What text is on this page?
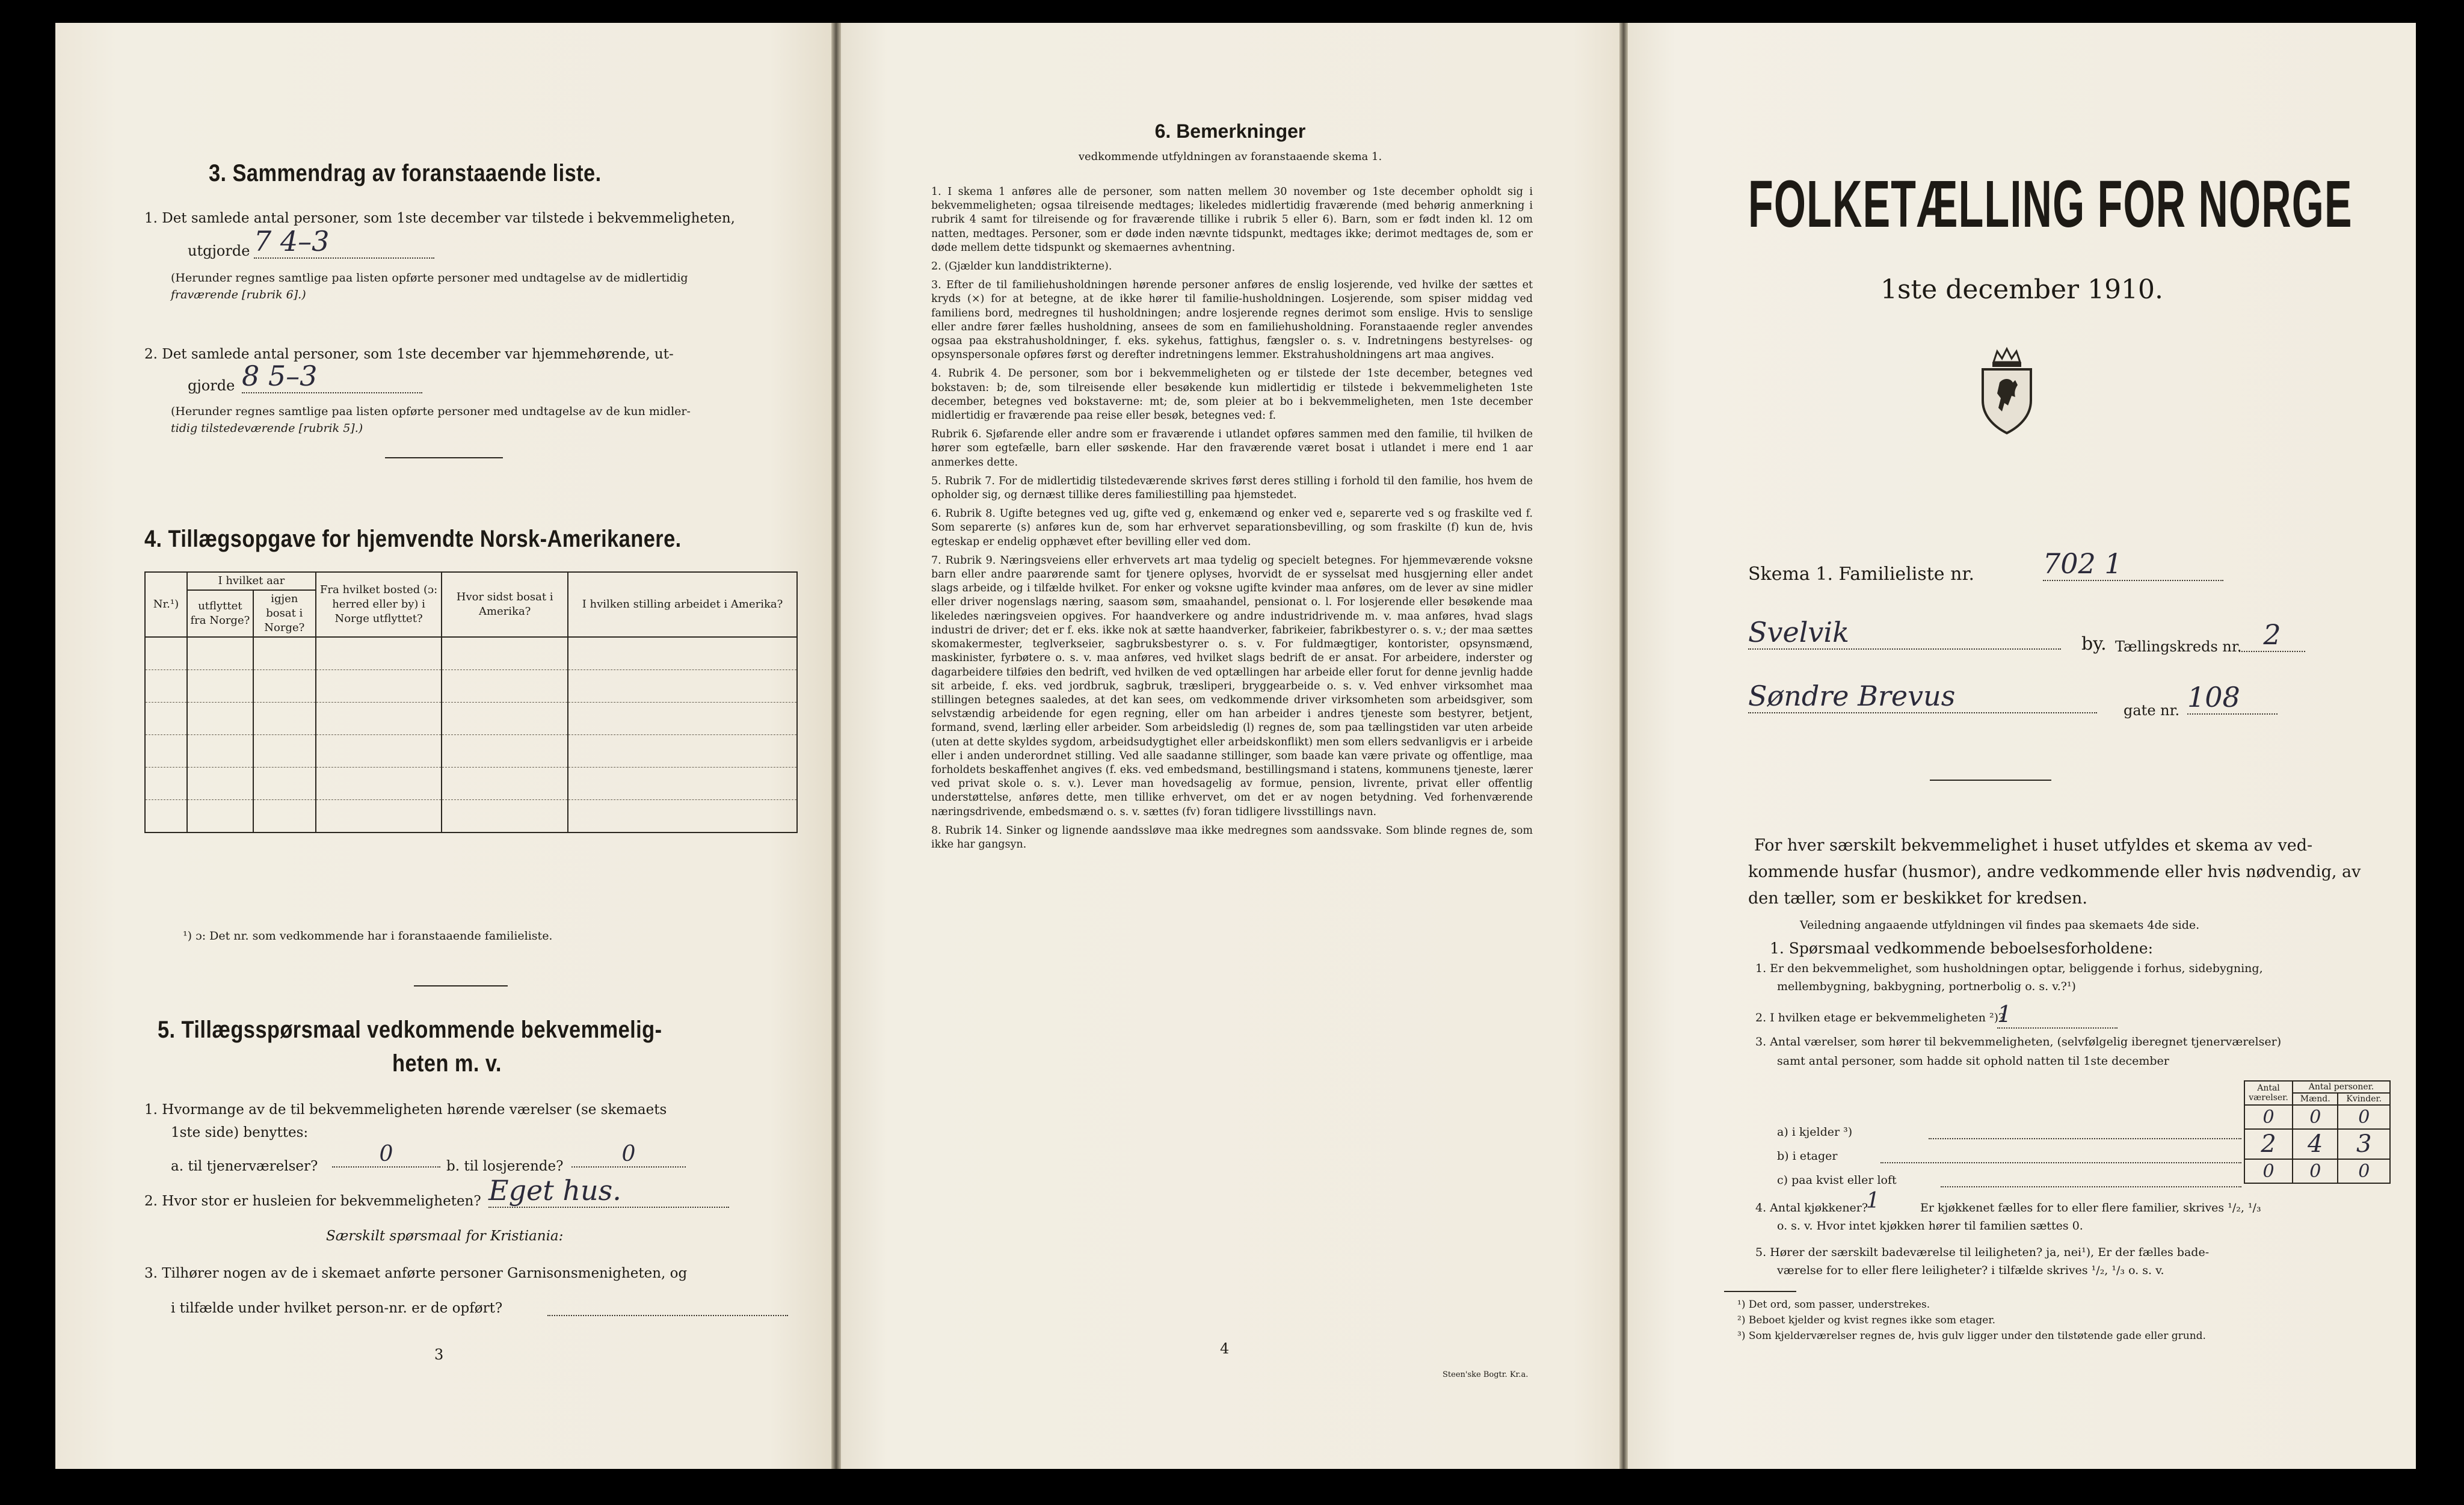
3. Sammendrag av foranstaaende liste.
1. Det samlede antal personer, som 1ste december var tilstede i bekvemmeligheten,
utgjorde 7 4–3
(Herunder regnes samtlige paa listen opførte personer med undtagelse av de midlertidig
fraværende [rubrik 6].)
2. Det samlede antal personer, som 1ste december var hjemmehørende, ut-
gjorde 8 5–3
(Herunder regnes samtlige paa listen opførte personer med undtagelse av de kun midler-
tidig tilstedeværende [rubrik 5].)
4. Tillægsopgave for hjemvendte Norsk-Amerikanere.
Nr.¹)	I hvilket aar		Fra hvilket bosted (ɔ: herred eller by) i Norge utflyttet?	Hvor sidst bosat i Amerika?	I hvilken stilling arbeidet i Amerika?
	utflyttet fra Norge?	igjen bosat i Norge?			

¹) ɔ: Det nr. som vedkommende har i foranstaaende familieliste.
5. Tillægsspørsmaal vedkommende bekvemmelig-
heten m. v.
1. Hvormange av de til bekvemmeligheten hørende værelser (se skemaets
1ste side) benyttes:
a. til tjenerværelser?	0	b. til losjerende?	0
2. Hvor stor er husleien for bekvemmeligheten? Eget hus.
Særskilt spørsmaal for Kristiania:
3. Tilhører nogen av de i skemaet anførte personer Garnisonsmenigheten, og
i tilfælde under hvilket person-nr. er de opført?
3
6. Bemerkninger
vedkommende utfyldningen av foranstaaende skema 1.

1. I skema 1 anføres alle de personer, som natten mellem 30 november og 1ste december opholdt sig i bekvemmeligheten; ogsaa tilreisende medtages; likeledes midlertidig fraværende (med behørig anmerkning i rubrik 4 samt for tilreisende og for fraværende tillike i rubrik 5 eller 6). Barn, som er født inden kl. 12 om natten, medtages. Personer, som er døde inden nævnte tidspunkt, medtages ikke; derimot medtages de, som er døde mellem dette tidspunkt og skemaernes avhentning.

2. (Gjælder kun landdistrikterne).

3. Efter de til familiehusholdningen hørende personer anføres de enslig losjerende, ved hvilke der sættes et kryds (×) for at betegne, at de ikke hører til familie-husholdningen. Losjerende, som spiser middag ved familiens bord, medregnes til husholdningen; andre losjerende regnes derimot som enslige. Hvis to senslige eller andre fører fælles husholdning, ansees de som en familiehusholdning. Foranstaaende regler anvendes ogsaa paa ekstrahusholdninger, f. eks. sykehus, fattighus, fængsler o. s. v. Indretningens bestyrelses- og opsynspersonale opføres først og derefter indretningens lemmer. Ekstrahusholdningens art maa angives.

4. Rubrik 4. De personer, som bor i bekvemmeligheten og er tilstede der 1ste december, betegnes ved bokstaven: b; de, som tilreisende eller besøkende kun midlertidig er tilstede i bekvemmeligheten 1ste december, betegnes ved bokstaverne: mt; de, som pleier at bo i bekvemmeligheten, men 1ste december midlertidig er fraværende paa reise eller besøk, betegnes ved: f.

Rubrik 6. Sjøfarende eller andre som er fraværende i utlandet opføres sammen med den familie, til hvilken de hører som egtefælle, barn eller søskende. Har den fraværende været bosat i utlandet i mere end 1 aar anmerkes dette.

5. Rubrik 7. For de midlertidig tilstedeværende skrives først deres stilling i forhold til den familie, hos hvem de opholder sig, og dernæst tillike deres familiestilling paa hjemstedet.

6. Rubrik 8. Ugifte betegnes ved ug, gifte ved g, enkemænd og enker ved e, separerte ved s og fraskilte ved f. Som separerte (s) anføres kun de, som har erhvervet separationsbevilling, og som fraskilte (f) kun de, hvis egteskap er endelig opphævet efter bevilling eller ved dom.

7. Rubrik 9. Næringsveiens eller erhvervets art maa tydelig og specielt betegnes. For hjemmeværende voksne barn eller andre paarørende samt for tjenere oplyses, hvorvidt de er sysselsat med husgjerning eller andet slags arbeide, og i tilfælde hvilket. For enker og voksne ugifte kvinder maa anføres, om de lever av sine midler eller driver nogenslags næring, saasom søm, smaahandel, pensionat o. l. For losjerende eller besøkende maa likeledes næringsveien opgives. For haandverkere og andre industridrivende m. v. maa anføres, hvad slags industri de driver; det er f. eks. ikke nok at sætte haandverker, fabrikeier, fabrikbestyrer o. s. v.; der maa sættes skomakermester, teglverkseier, sagbruksbestyrer o. s. v. For fuldmægtiger, kontorister, opsynsmænd, maskinister, fyrbøtere o. s. v. maa anføres, ved hvilket slags bedrift de er ansat. For arbeidere, inderster og dagarbeidere tilføies den bedrift, ved hvilken de ved optællingen har arbeide eller forut for denne jevnlig hadde sit arbeide, f. eks. ved jordbruk, sagbruk, træsliperi, bryggearbeide o. s. v. Ved enhver virksomhet maa stillingen betegnes saaledes, at det kan sees, om vedkommende driver virksomheten som arbeidsgiver, som selvstændig arbeidende for egen regning, eller om han arbeider i andres tjeneste som bestyrer, betjent, formand, svend, lærling eller arbeider. Som arbeidsledig (l) regnes de, som paa tællingstiden var uten arbeide (uten at dette skyldes sygdom, arbeidsudygtighet eller arbeidskonflikt) men som ellers sedvanligvis er i arbeide eller i anden underordnet stilling. Ved alle saadanne stillinger, som baade kan være private og offentlige, maa forholdets beskaffenhet angives (f. eks. ved embedsmand, bestillingsmand i statens, kommunens tjeneste, lærer ved privat skole o. s. v.). Lever man hovedsagelig av formue, pension, livrente, privat eller offentlig understøttelse, anføres dette, men tillike erhvervet, om det er av nogen betydning. Ved forhenværende næringsdrivende, embedsmænd o. s. v. sættes (fv) foran tidligere livsstillings navn.

8. Rubrik 14. Sinker og lignende aandssløve maa ikke medregnes som aandssvake. Som blinde regnes de, som ikke har gangsyn.

4
Steen'ske Bogtr. Kr.a.
FOLKETÆLLING FOR NORGE
1ste december 1910.
Skema 1. Familieliste nr. 702 1
Svelvik	by. Tællingskreds nr. 2
Søndre Brevus	gate nr. 108
For hver særskilt bekvemmelighet i huset utfyldes et skema av ved-
kommende husfar (husmor), andre vedkommende eller hvis nødvendig, av
den tæller, som er beskikket for kredsen.
Veiledning angaaende utfyldningen vil findes paa skemaets 4de side.
1. Spørsmaal vedkommende beboelsesforholdene:
1. Er den bekvemmelighet, som husholdningen optar, beliggende i forhus, sidebygning,
mellembygning, bakbygning, portnerbolig o. s. v.?¹)
2. I hvilken etage er bekvemmeligheten ²)?
1
3. Antal værelser, som hører til bekvemmeligheten, (selvfølgelig iberegnet tjenerværelser)
samt antal personer, som hadde sit ophold natten til 1ste december
a) i kjelder ³)
b) i etager
c) paa kvist eller loft
Antal værelser.	Antal personer.	
	Mænd.	Kvinder.
0	0	0
2	4	3
0	0	0
4. Antal kjøkkener?
1	Er kjøkkenet fælles for to eller flere familier, skrives ¹/₂, ¹/₃
o. s. v. Hvor intet kjøkken hører til familien sættes 0.
5. Hører der særskilt badeværelse til leiligheten? ja, nei¹), Er der fælles bade-
værelse for to eller flere leiligheter? i tilfælde skrives ¹/₂, ¹/₃ o. s. v.
¹) Det ord, som passer, understrekes.
²) Beboet kjelder og kvist regnes ikke som etager.
³) Som kjelderværelser regnes de, hvis gulv ligger under den tilstøtende gade eller grund.
